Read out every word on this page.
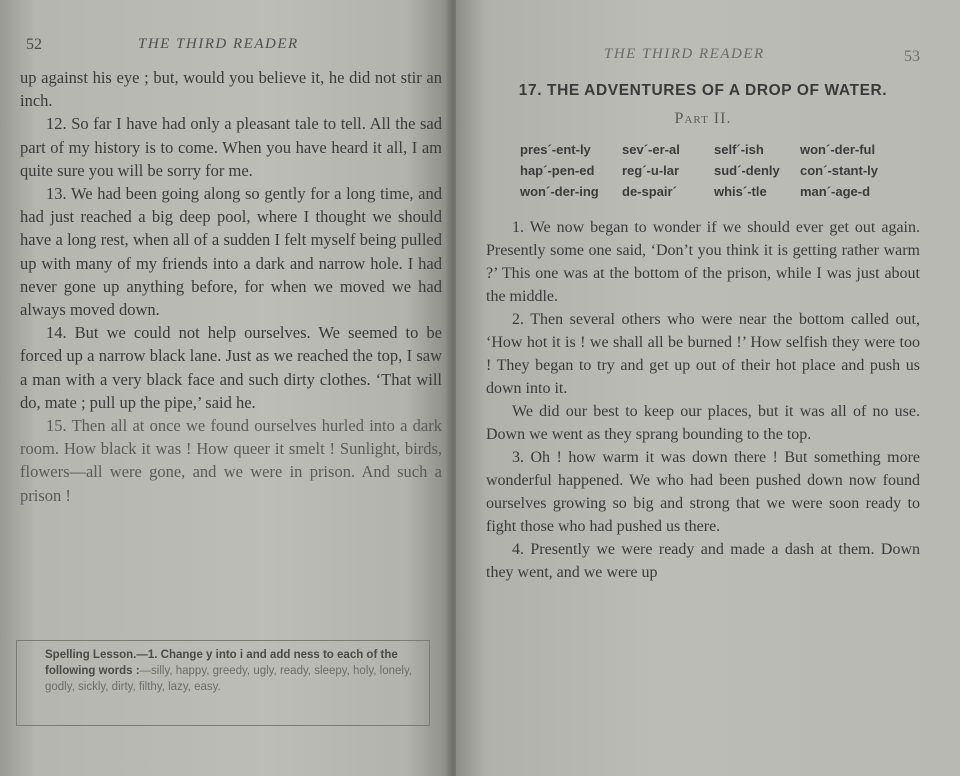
52	THE THIRD READER

up against his eye ; but, would you believe it, he did not stir an inch.

12. So far I have had only a pleasant tale to tell. All the sad part of my history is to come. When you have heard it all, I am quite sure you will be sorry for me.

13. We had been going along so gently for a long time, and had just reached a big deep pool, where I thought we should have a long rest, when all of a sudden I felt myself being pulled up with many of my friends into a dark and narrow hole. I had never gone up anything before, for when we moved we had always moved down.

14. But we could not help ourselves. We seemed to be forced up a narrow black lane. Just as we reached the top, I saw a man with a very black face and such dirty clothes. ‘That will do, mate ; pull up the pipe,’ said he.

15. Then all at once we found ourselves hurled into a dark room. How black it was ! How queer it smelt ! Sunlight, birds, flowers—all were gone, and we were in prison. And such a prison !

Spelling Lesson.—1. Change y into i and add ness to each of the following words :—silly, happy, greedy, ugly, ready, sleepy, holy, lonely, godly, sickly, dirty, filthy, lazy, easy.
THE THIRD READER	53
17. THE ADVENTURES OF A DROP OF WATER.
Part II.
pres´-ent-ly	sev´-er-al	self´-ish	won´-der-ful
hap´-pen-ed	reg´-u-lar	sud´-denly	con´-stant-ly
won´-der-ing	de-spair´	whis´-tle	man´-age-d

1. We now began to wonder if we should ever get out again. Presently some one said, ‘Don’t you think it is getting rather warm ?’ This one was at the bottom of the prison, while I was just about the middle.

2. Then several others who were near the bottom called out, ‘How hot it is ! we shall all be burned !’ How selfish they were too ! They began to try and get up out of their hot place and push us down into it.

We did our best to keep our places, but it was all of no use. Down we went as they sprang bounding to the top.

3. Oh ! how warm it was down there ! But something more wonderful happened. We who had been pushed down now found ourselves growing so big and strong that we were soon ready to fight those who had pushed us there.

4. Presently we were ready and made a dash at them. Down they went, and we were up
